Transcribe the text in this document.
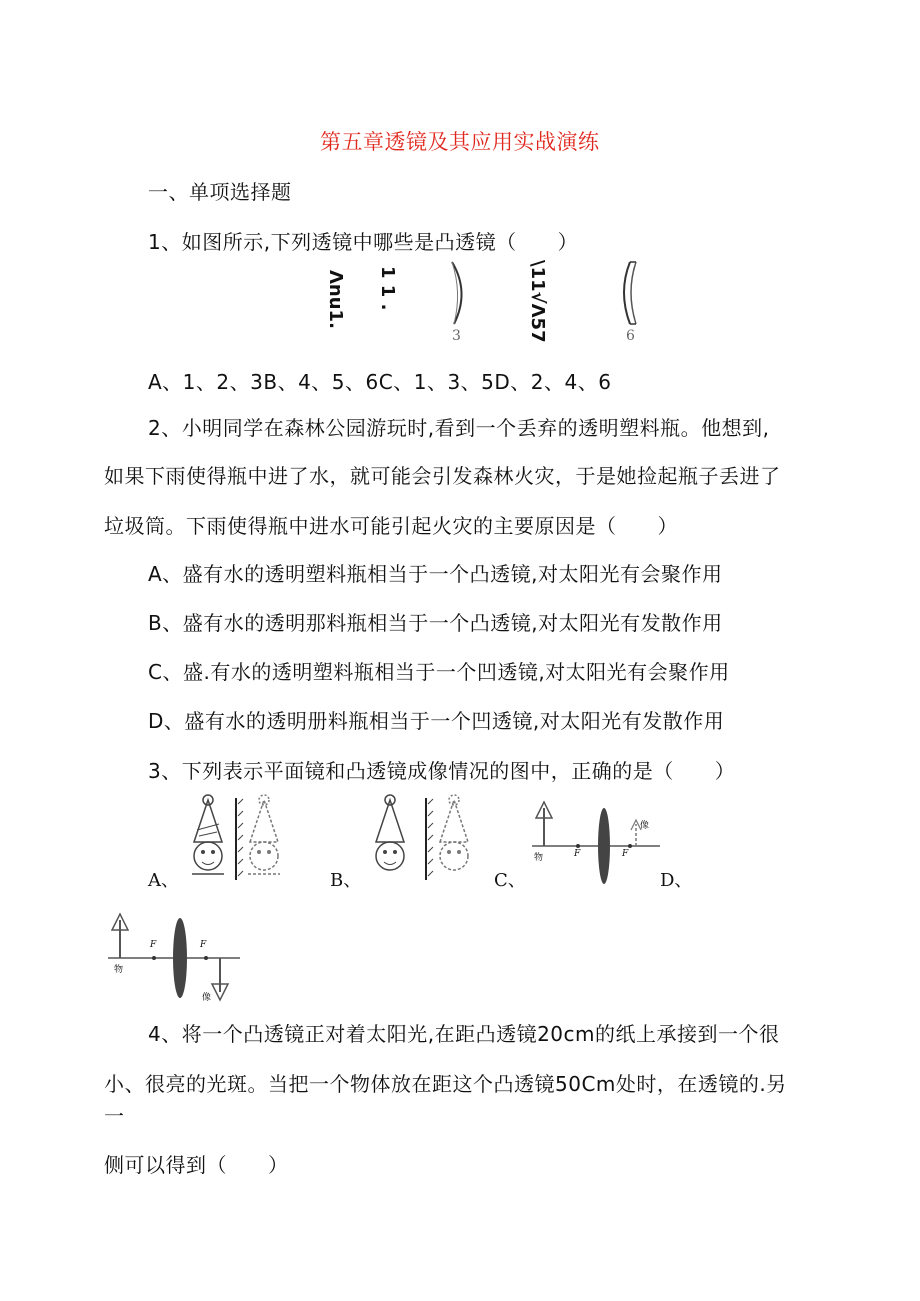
第五章透镜及其应用实战演练
一、单项选择题
1、如图所示,下列透镜中哪些是凸透镜（　　）
Λnu1. 1 1 .
3	\11√Λ57	6
A、1、2、3B、4、5、6C、1、3、5D、2、4、6
2、小明同学在森林公园游玩时,看到一个丢弃的透明塑料瓶。他想到,
如果下雨使得瓶中进了水，就可能会引发森林火灾，于是她捡起瓶子丢进了
垃圾筒。下雨使得瓶中进水可能引起火灾的主要原因是（　　）
A、盛有水的透明塑料瓶相当于一个凸透镜,对太阳光有会聚作用
B、盛有水的透明那料瓶相当于一个凸透镜,对太阳光有发散作用
C、盛.有水的透明塑料瓶相当于一个凹透镜,对太阳光有会聚作用
D、盛有水的透明册料瓶相当于一个凹透镜,对太阳光有发散作用
3、下列表示平面镜和凸透镜成像情况的图中，正确的是（　　）
A、	B、	C、
物	F	F
像
D、
物
F	F
像
4、将一个凸透镜正对着太阳光,在距凸透镜20cm的纸上承接到一个很
小、很亮的光斑。当把一个物体放在距这个凸透镜50Cm处时，在透镜的.另
一
侧可以得到（　　）
